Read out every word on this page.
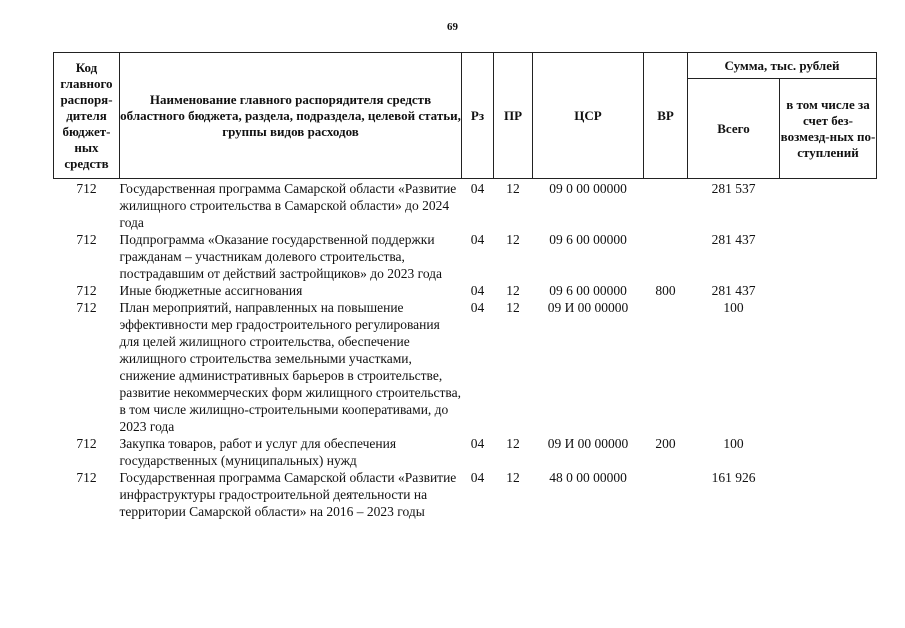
69
Код главного распоря-дителя бюджет-ных средств	Наименование главного распорядителя средств областного бюджета, раздела, подраздела, целевой статьи, группы видов расходов	Рз	ПР	ЦСР	ВР	Сумма, тыс. рублей	
						Всего	в том числе за счет без-возмезд-ных по-ступлений
712	Государственная программа Самарской области «Развитие жилищного строительства в Самарской области» до 2024 года	04	12	09 0 00 00000		281 537	
712	Подпрограмма «Оказание государственной поддержки гражданам – участникам долевого строительства, пострадавшим от действий застройщиков» до 2023 года	04	12	09 6 00 00000		281 437	
712	Иные бюджетные ассигнования	04	12	09 6 00 00000	800	281 437	
712	План мероприятий, направленных на повышение эффективности мер градостроительного регулирования для целей жилищного строительства, обеспечение жилищного строительства земельными участками, снижение административных барьеров в строительстве, развитие некоммерческих форм жилищного строительства, в том числе жилищно-строительными кооперативами, до 2023 года	04	12	09 И 00 00000		100	
712	Закупка товаров, работ и услуг для обеспечения государственных (муниципальных) нужд	04	12	09 И 00 00000	200	100	
712	Государственная программа Самарской области «Развитие инфраструктуры градостроительной деятельности на территории Самарской области» на 2016 – 2023 годы	04	12	48 0 00 00000		161 926	
